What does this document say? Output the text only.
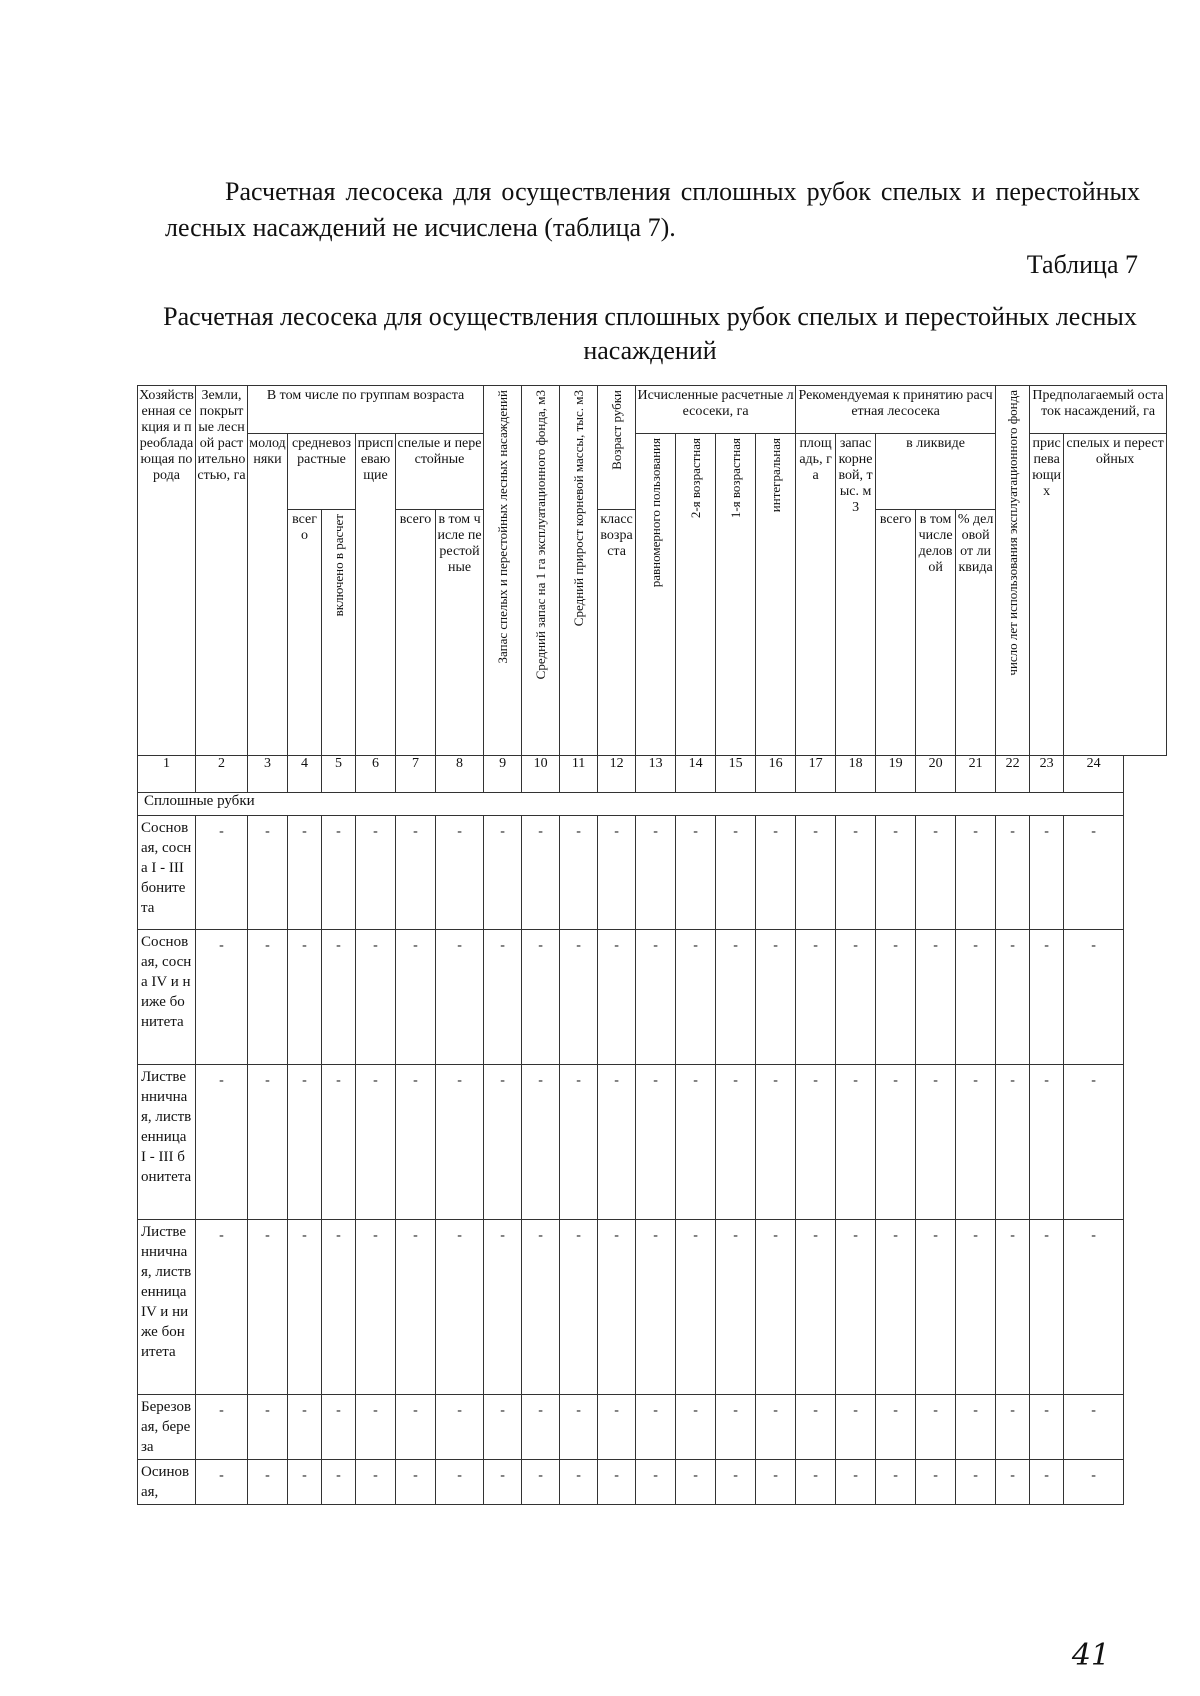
Расчетная лесосека для осуществления сплошных рубок спелых и перестойных лесных насаждений не исчислена (таблица 7).

Таблица 7
Расчетная лесосека для осуществления сплошных рубок спелых и перестойных лесных насаждений
Хозяйственная секция и преобладающая порода	Земли, покрытые лесной растительностью, га	В том числе по группам возраста						Запас спелых и перестойных лесных насаждений	Средний запас на 1 га эксплуатационного фонда, м3	Средний прирост корневой массы, тыс. м3	Возраст рубки	Исчисленные расчетные лесосеки, га				Рекомендуемая к принятию расчетная лесосека					число лет использования эксплуатационного фонда	Предполагаемый остаток насаждений, га	
		молодняки	средневозрастные		приспевающие	спелые и перестойные						равномерного пользования	2-я возрастная	1-я возрастная	интегральная	площадь, га	запас корневой, тыс. м3	в ликвиде				приспевающих	спелых и перестойных
			всего	включено в расчет		всего	в том числе перестойные				класс возраста							всего	в том числе деловой	% деловой от ликвида			

1	2	3	4	5	6	7	8	9	10	11	12	13	14	15	16	17	18	19	20	21	22	23	24
Сплошные рубки																							
Сосновая, сосна I - III бонитета	-	-	-	-	-	-	-	-	-	-	-	-	-	-	-	-	-	-	-	-	-	-	-
Сосновая, сосна IV и ниже бонитета	-	-	-	-	-	-	-	-	-	-	-	-	-	-	-	-	-	-	-	-	-	-	-
Лиственничная, лиственница I - III бонитета	-	-	-	-	-	-	-	-	-	-	-	-	-	-	-	-	-	-	-	-	-	-	-
Лиственничная, лиственница IV и ниже бонитета	-	-	-	-	-	-	-	-	-	-	-	-	-	-	-	-	-	-	-	-	-	-	-
Березовая, береза	-	-	-	-	-	-	-	-	-	-	-	-	-	-	-	-	-	-	-	-	-	-	-
Осиновая,	-	-	-	-	-	-	-	-	-	-	-	-	-	-	-	-	-	-	-	-	-	-	-
41
